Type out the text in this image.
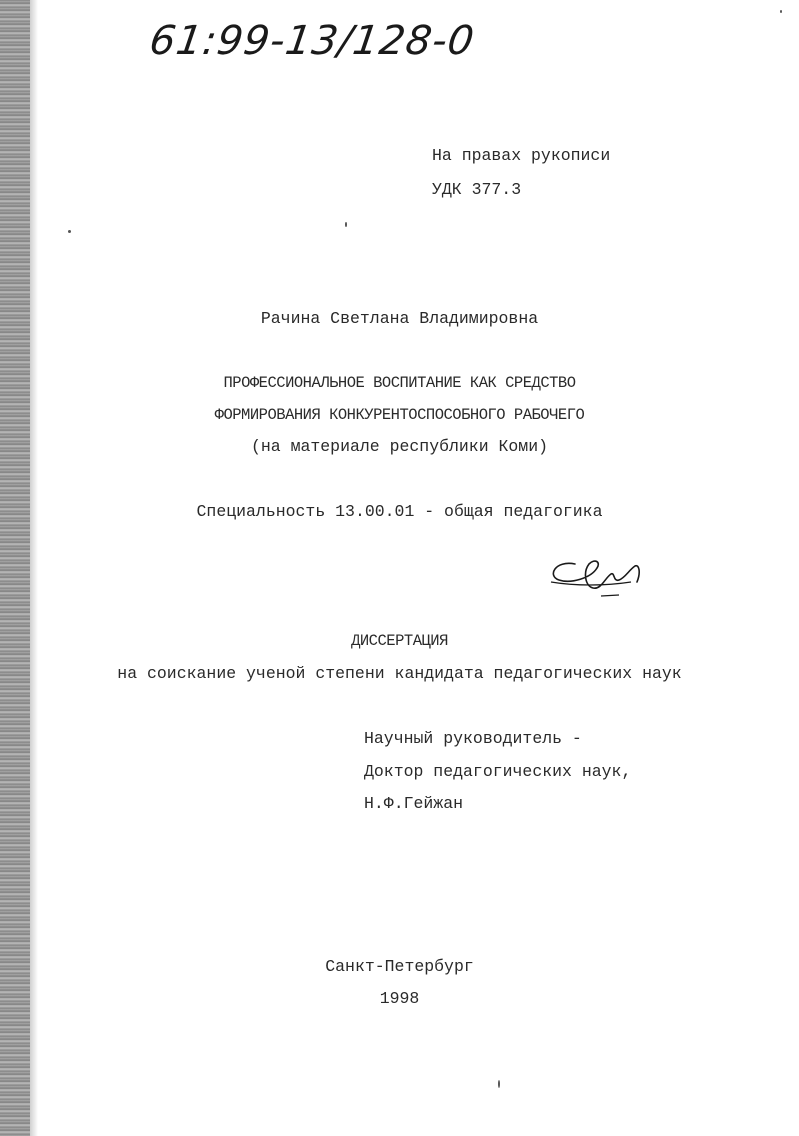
61:99-13/128-0
На правах рукописи
УДК 377.3
Рачина Светлана Владимировна
ПРОФЕССИОНАЛЬНОЕ ВОСПИТАНИЕ КАК СРЕДСТВО
ФОРМИРОВАНИЯ КОНКУРЕНТОСПОСОБНОГО РАБОЧЕГО
(на материале республики Коми)
Специальность 13.00.01 - общая педагогика
ДИССЕРТАЦИЯ
на соискание ученой степени кандидата педагогических наук
Научный руководитель -
Доктор педагогических наук,
Н.Ф.Гейжан
Санкт-Петербург
1998
